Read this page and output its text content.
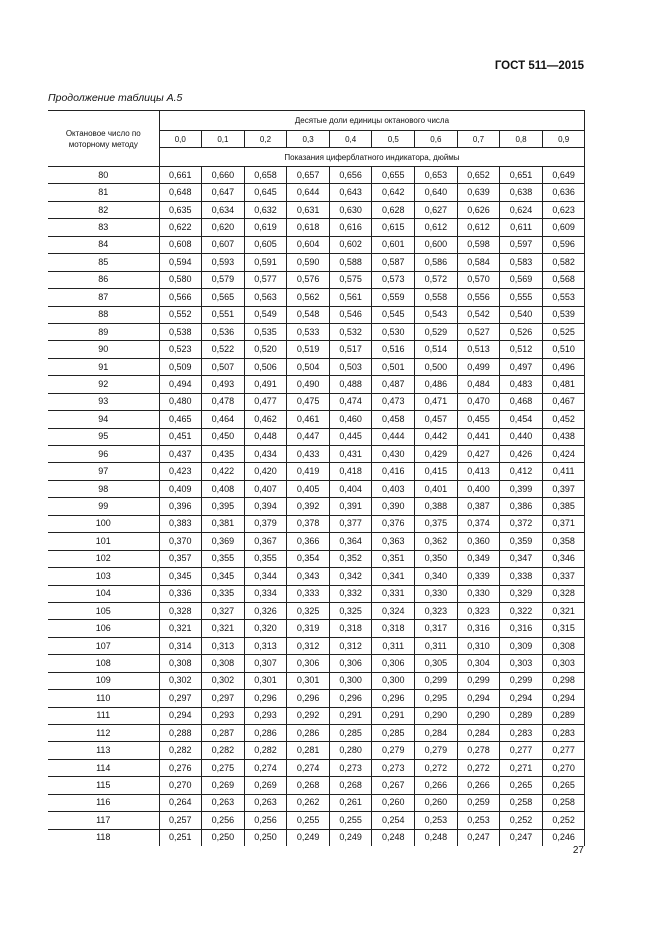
ГОСТ 511—2015
Продолжение таблицы А.5
Октановое число по моторному методу	Десятые доли единицы октанового числа									
	0,0	0,1	0,2	0,3	0,4	0,5	0,6	0,7	0,8	0,9
	Показания циферблатного индикатора, дюймы									
80	0,661	0,660	0,658	0,657	0,656	0,655	0,653	0,652	0,651	0,649
81	0,648	0,647	0,645	0,644	0,643	0,642	0,640	0,639	0,638	0,636
82	0,635	0,634	0,632	0,631	0,630	0,628	0,627	0,626	0,624	0,623
83	0,622	0,620	0,619	0,618	0,616	0,615	0,612	0,612	0,611	0,609
84	0,608	0,607	0,605	0,604	0,602	0,601	0,600	0,598	0,597	0,596
85	0,594	0,593	0,591	0,590	0,588	0,587	0,586	0,584	0,583	0,582
86	0,580	0,579	0,577	0,576	0,575	0,573	0,572	0,570	0,569	0,568
87	0,566	0,565	0,563	0,562	0,561	0,559	0,558	0,556	0,555	0,553
88	0,552	0,551	0,549	0,548	0,546	0,545	0,543	0,542	0,540	0,539
89	0,538	0,536	0,535	0,533	0,532	0,530	0,529	0,527	0,526	0,525
90	0,523	0,522	0,520	0,519	0,517	0,516	0,514	0,513	0,512	0,510
91	0,509	0,507	0,506	0,504	0,503	0,501	0,500	0,499	0,497	0,496
92	0,494	0,493	0,491	0,490	0,488	0,487	0,486	0,484	0,483	0,481
93	0,480	0,478	0,477	0,475	0,474	0,473	0,471	0,470	0,468	0,467
94	0,465	0,464	0,462	0,461	0,460	0,458	0,457	0,455	0,454	0,452
95	0,451	0,450	0,448	0,447	0,445	0,444	0,442	0,441	0,440	0,438
96	0,437	0,435	0,434	0,433	0,431	0,430	0,429	0,427	0,426	0,424
97	0,423	0,422	0,420	0,419	0,418	0,416	0,415	0,413	0,412	0,411
98	0,409	0,408	0,407	0,405	0,404	0,403	0,401	0,400	0,399	0,397
99	0,396	0,395	0,394	0,392	0,391	0,390	0,388	0,387	0,386	0,385
100	0,383	0,381	0,379	0,378	0,377	0,376	0,375	0,374	0,372	0,371
101	0,370	0,369	0,367	0,366	0,364	0,363	0,362	0,360	0,359	0,358
102	0,357	0,355	0,355	0,354	0,352	0,351	0,350	0,349	0,347	0,346
103	0,345	0,345	0,344	0,343	0,342	0,341	0,340	0,339	0,338	0,337
104	0,336	0,335	0,334	0,333	0,332	0,331	0,330	0,330	0,329	0,328
105	0,328	0,327	0,326	0,325	0,325	0,324	0,323	0,323	0,322	0,321
106	0,321	0,321	0,320	0,319	0,318	0,318	0,317	0,316	0,316	0,315
107	0,314	0,313	0,313	0,312	0,312	0,311	0,311	0,310	0,309	0,308
108	0,308	0,308	0,307	0,306	0,306	0,306	0,305	0,304	0,303	0,303
109	0,302	0,302	0,301	0,301	0,300	0,300	0,299	0,299	0,299	0,298
110	0,297	0,297	0,296	0,296	0,296	0,296	0,295	0,294	0,294	0,294
111	0,294	0,293	0,293	0,292	0,291	0,291	0,290	0,290	0,289	0,289
112	0,288	0,287	0,286	0,286	0,285	0,285	0,284	0,284	0,283	0,283
113	0,282	0,282	0,282	0,281	0,280	0,279	0,279	0,278	0,277	0,277
114	0,276	0,275	0,274	0,274	0,273	0,273	0,272	0,272	0,271	0,270
115	0,270	0,269	0,269	0,268	0,268	0,267	0,266	0,266	0,265	0,265
116	0,264	0,263	0,263	0,262	0,261	0,260	0,260	0,259	0,258	0,258
117	0,257	0,256	0,256	0,255	0,255	0,254	0,253	0,253	0,252	0,252
118	0,251	0,250	0,250	0,249	0,249	0,248	0,248	0,247	0,247	0,246
27
